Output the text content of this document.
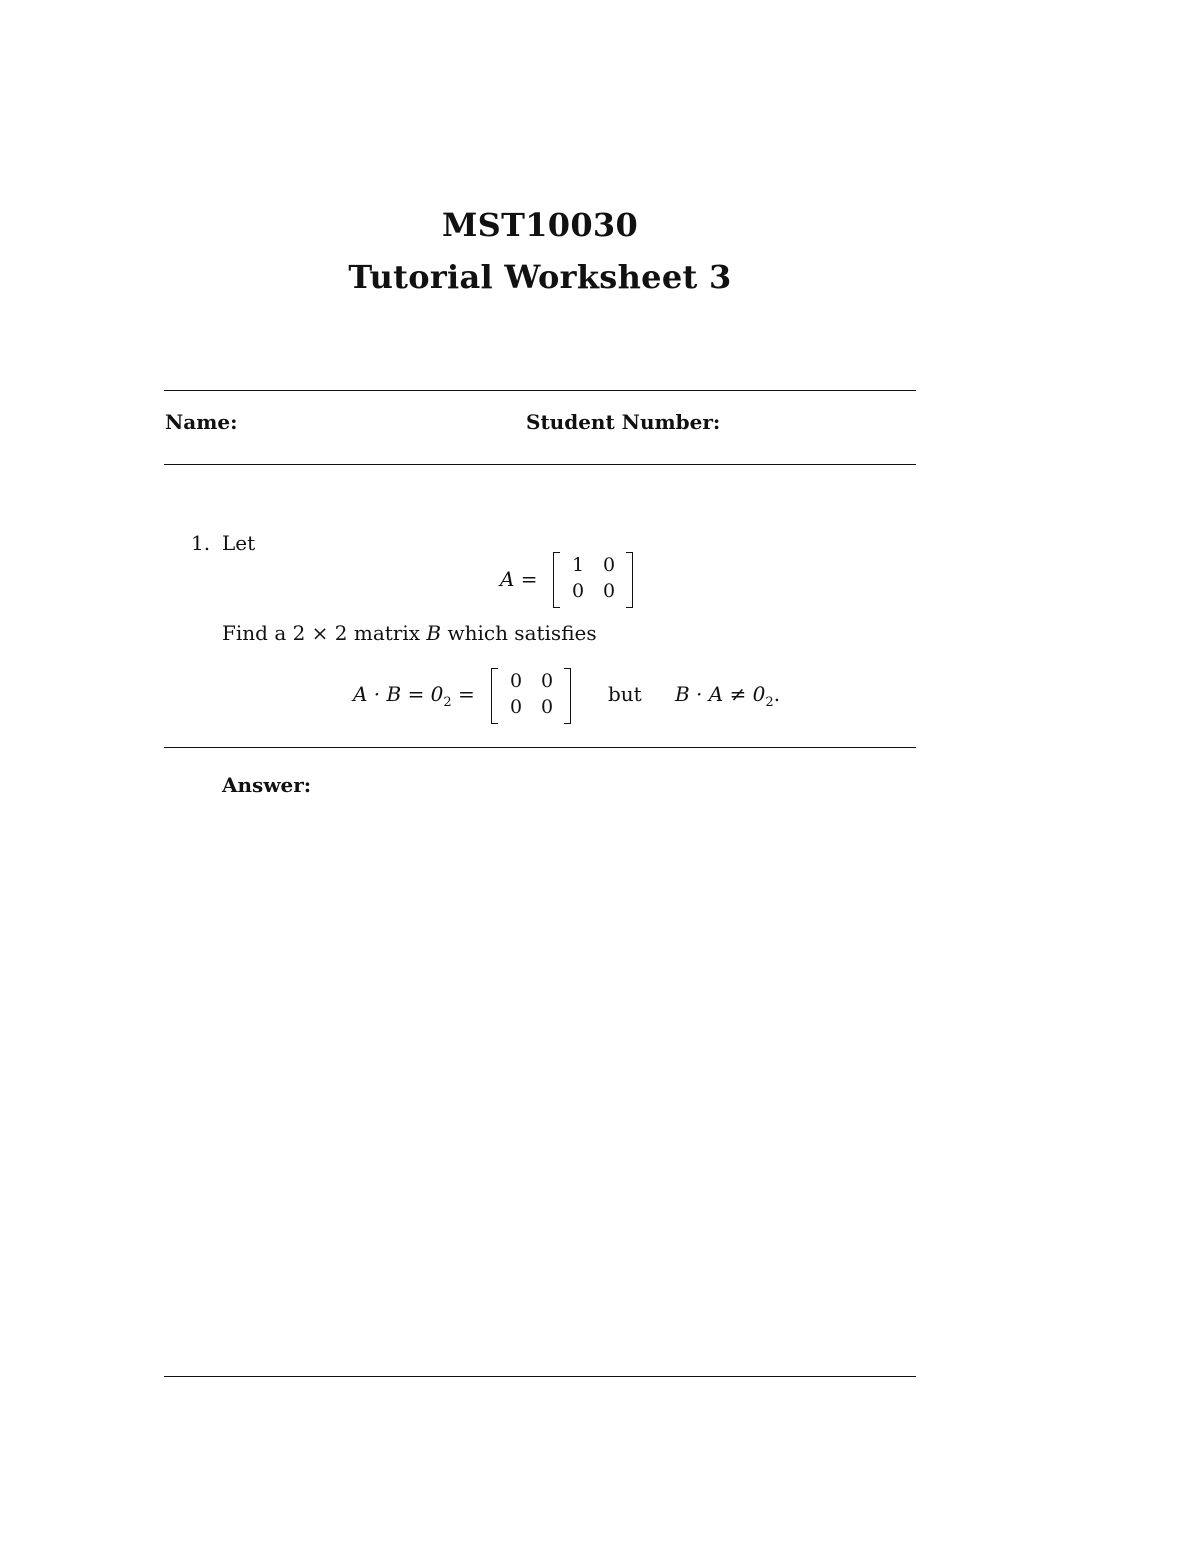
MST10030
Tutorial Worksheet 3
Name:	Student Number:
1. Let
A =
1 0
0 0
Find a 2 × 2 matrix B which satisfies
$A \cdot B = 0_2$ =
0 0
0 0
but $B \cdot A \ne 0_2$.
Answer:
